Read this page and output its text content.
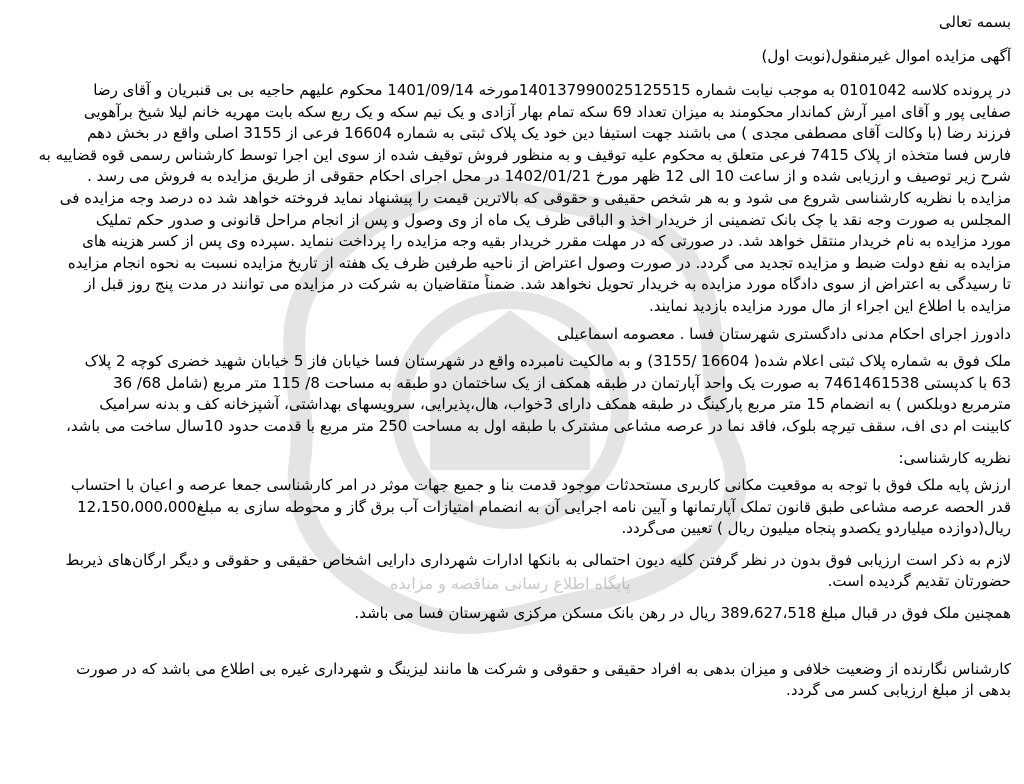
پایگاه اطلاع رسانی مناقصه و مزایده
بسمه تعالی
آگهی مزایده اموال غیرمنقول(نوبت اول)
در پرونده کلاسه 0101042 به موجب نیابت شماره 140137990025125515مورخه 1401/09/14 محکوم علیهم حاجیه بی بی قنبریان و آقای رضا
صفایی پور و آقای امیر آرش کماندار محکومند به میزان تعداد 69 سکه تمام بهار آزادی و یک نیم سکه و یک ربع سکه بابت مهریه خانم لیلا شیخ برآهویی
فرزند رضا (با وکالت آقای مصطفی مجدی ) می باشند جهت استیفا دین خود یک پلاک ثبتی به شماره 16604 فرعی از 3155 اصلی واقع در بخش دهم
فارس فسا متخذه از پلاک 7415 فرعی متعلق به محکوم علیه توقیف و به منظور فروش توقیف شده از سوی این اجرا توسط کارشناس رسمی قوه قضاییه به
شرح زیر توصیف و ارزیابی شده و از ساعت 10 الی 12 ظهر مورخ 1402/01/21 در محل اجرای احکام حقوقی از طریق مزایده به فروش می رسد .
مزایده با نظریه کارشناسی شروع می شود و به هر شخص حقیقی و حقوقی که بالاترین قیمت را پیشنهاد نماید فروخته خواهد شد ده درصد وجه مزایده فی
المجلس به صورت وجه نقد یا چک بانک تضمینی از خریدار اخذ و الباقی ظرف یک ماه از وی وصول و پس از انجام مراحل قانونی و صدور حکم تملیک
مورد مزایده به نام خریدار منتقل خواهد شد. در صورتی که در مهلت مقرر خریدار بقیه وجه مزایده را پرداخت ننماید .سپرده وی پس از کسر هزینه های
مزایده به نفع دولت ضبط و مزایده تجدید می گردد. در صورت وصول اعتراض از ناحیه طرفین ظرف یک هفته از تاریخ مزایده نسبت به نحوه انجام مزایده
تا رسیدگی به اعتراض از سوی دادگاه مورد مزایده به خریدار تحویل نخواهد شد. ضمناً متقاضیان به شرکت در مزایده می توانند در مدت پنج روز قبل از
مزایده با اطلاع این اجراء از مال مورد مزایده بازدید نمایند.
دادورز اجرای احکام مدنی دادگستری شهرستان فسا . معصومه اسماعیلی
ملک فوق به شماره پلاک ثبتی اعلام شده( 16604 /3155) و به مالکیت نامبرده واقع در شهرستان فسا خیابان فاز 5 خیابان شهید خضری کوچه 2 پلاک
63 با کدپستی 7461461538 به صورت یک واحد آپارتمان در طبقه همکف از یک ساختمان دو طبقه به مساحت 8/ 115 متر مربع (شامل 68/ 36
مترمربع دوبلکس ) به انضمام 15 متر مربع پارکینگ در طبقه همکف دارای 3خواب، هال،پذیرایی، سرویسهای بهداشتی، آشپزخانه کف و بدنه سرامیک
کابینت ام دی اف، سقف تیرچه بلوک، فاقد نما در عرصه مشاعی مشترک با طبقه اول به مساحت 250 متر مربع با قدمت حدود 10سال ساخت می باشد،
نظریه کارشناسی:
ارزش پایه ملک فوق با توجه به موقعیت مکانی کاربری مستحدثات موجود قدمت بنا و جمیع جهات موثر در امر کارشناسی جمعا عرصه و اعیان با احتساب
قدر الحصه عرصه مشاعی طبق قانون تملک آپارتمانها و آیین نامه اجرایی آن به انضمام امتیازات آب برق گاز و محوطه سازی به مبلغ12،150،000،000
ریال(دوازده میلیاردو یکصدو پنجاه میلیون ریال ) تعیین می‌گردد.
لازم به ذکر است ارزیابی فوق بدون در نظر گرفتن کلیه دیون احتمالی به بانکها ادارات شهرداری دارایی اشخاص حقیقی و حقوقی و دیگر ارگان‌های ذیربط
حضورتان تقدیم گردیده است.
همچنین ملک فوق در قبال مبلغ 389،627،518 ریال در رهن بانک مسکن مرکزی شهرستان فسا می باشد.
کارشناس نگارنده از وضعیت خلافی و میزان بدهی به افراد حقیقی و حقوقی و شرکت ها مانند لیزینگ و شهرداری غیره بی اطلاع می باشد که در صورت
بدهی از مبلغ ارزیابی کسر می گردد.
